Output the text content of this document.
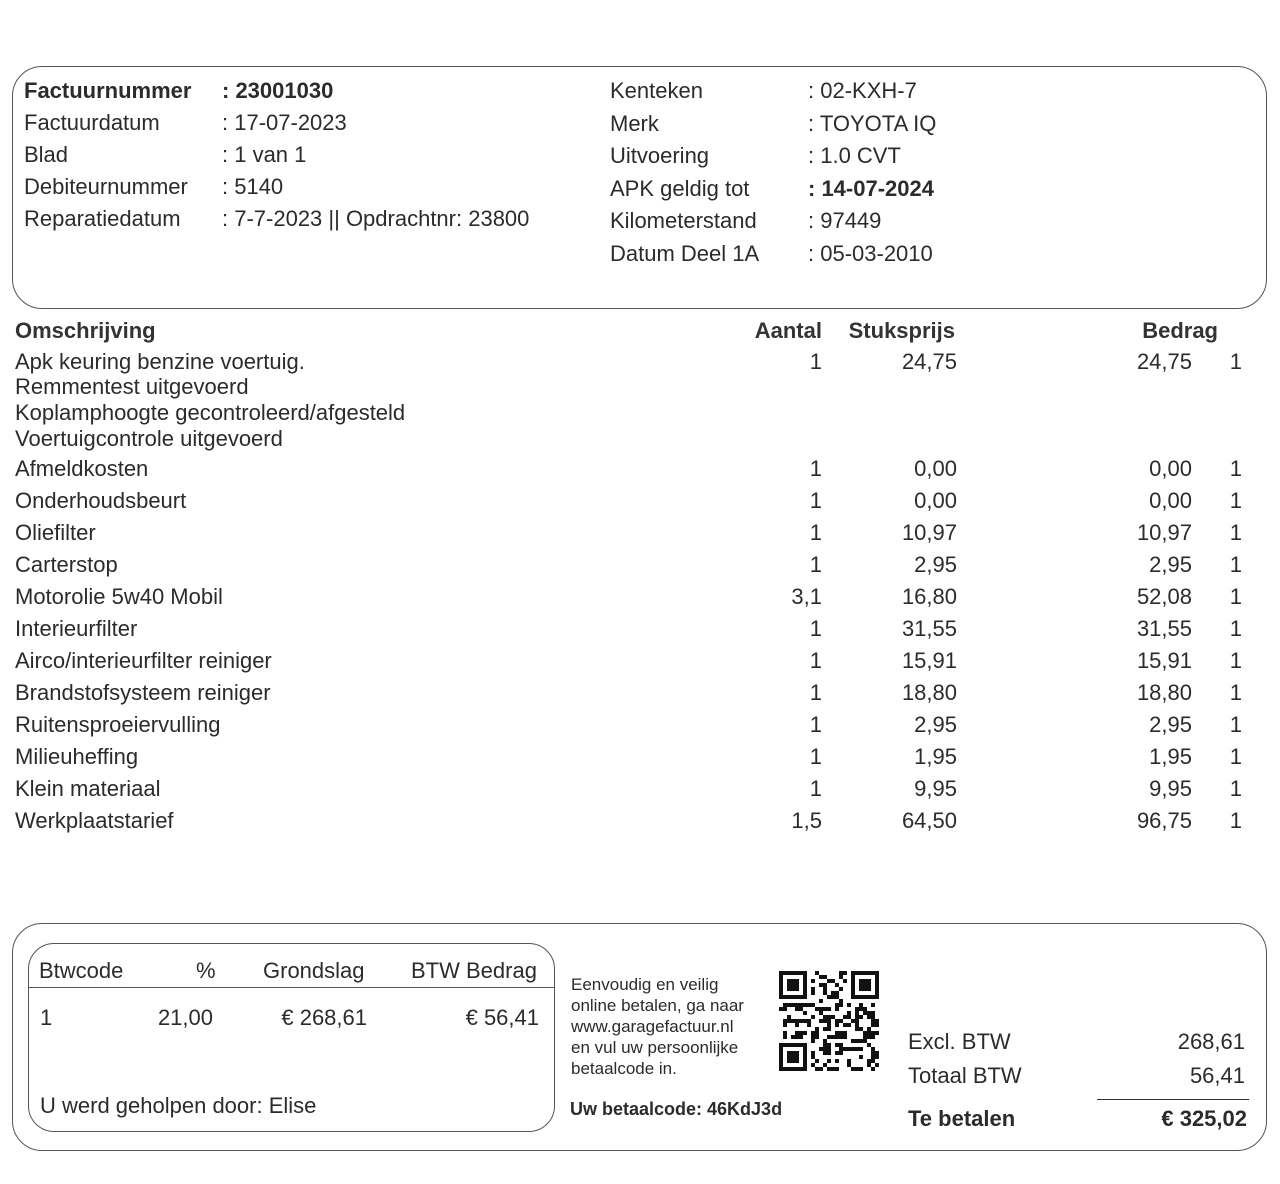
Factuurnummer : 23001030
Factuurdatum	: 17-07-2023
Blad	: 1 van 1
Debiteurnummer : 5140
Reparatiedatum : 7-7-2023 || Opdrachtnr: 23800
Kenteken	: 02-KXH-7
Merk	: TOYOTA IQ
Uitvoering	: 1.0 CVT
APK geldig tot	: 14-07-2024
Kilometerstand : 97449
Datum Deel 1A : 05-03-2010
Omschrijving	Aantal Stuksprijs	Bedrag
Apk keuring benzine voertuig.	1	24,75	24,75 1
Remmentest uitgevoerd
Koplamphoogte gecontroleerd/afgesteld
Voertuigcontrole uitgevoerd
Afmeldkosten	1	0,00	0,00 1
Onderhoudsbeurt	1	0,00	0,00 1
Oliefilter	1	10,97	10,97 1
Carterstop	1	2,95	2,95 1
Motorolie 5w40 Mobil	3,1	16,80	52,08 1
Interieurfilter	1	31,55	31,55 1
Airco/interieurfilter reiniger	1	15,91	15,91 1
Brandstofsysteem reiniger	1	18,80	18,80 1
Ruitensproeiervulling	1	2,95	2,95 1
Milieuheffing	1	1,95	1,95 1
Klein materiaal	1	9,95	9,95 1
Werkplaatstarief	1,5	64,50	96,75 1
Btwcode	% Grondslag BTW Bedrag
1	21,00	€ 268,61	€ 56,41
U werd geholpen door: Elise
Eenvoudig en veilig
online betalen, ga naar
www.garagefactuur.nl
en vul uw persoonlijke
betaalcode in.
Uw betaalcode: 46KdJ3d
Excl. BTW	268,61
Totaal BTW	56,41
Te betalen	€ 325,02
